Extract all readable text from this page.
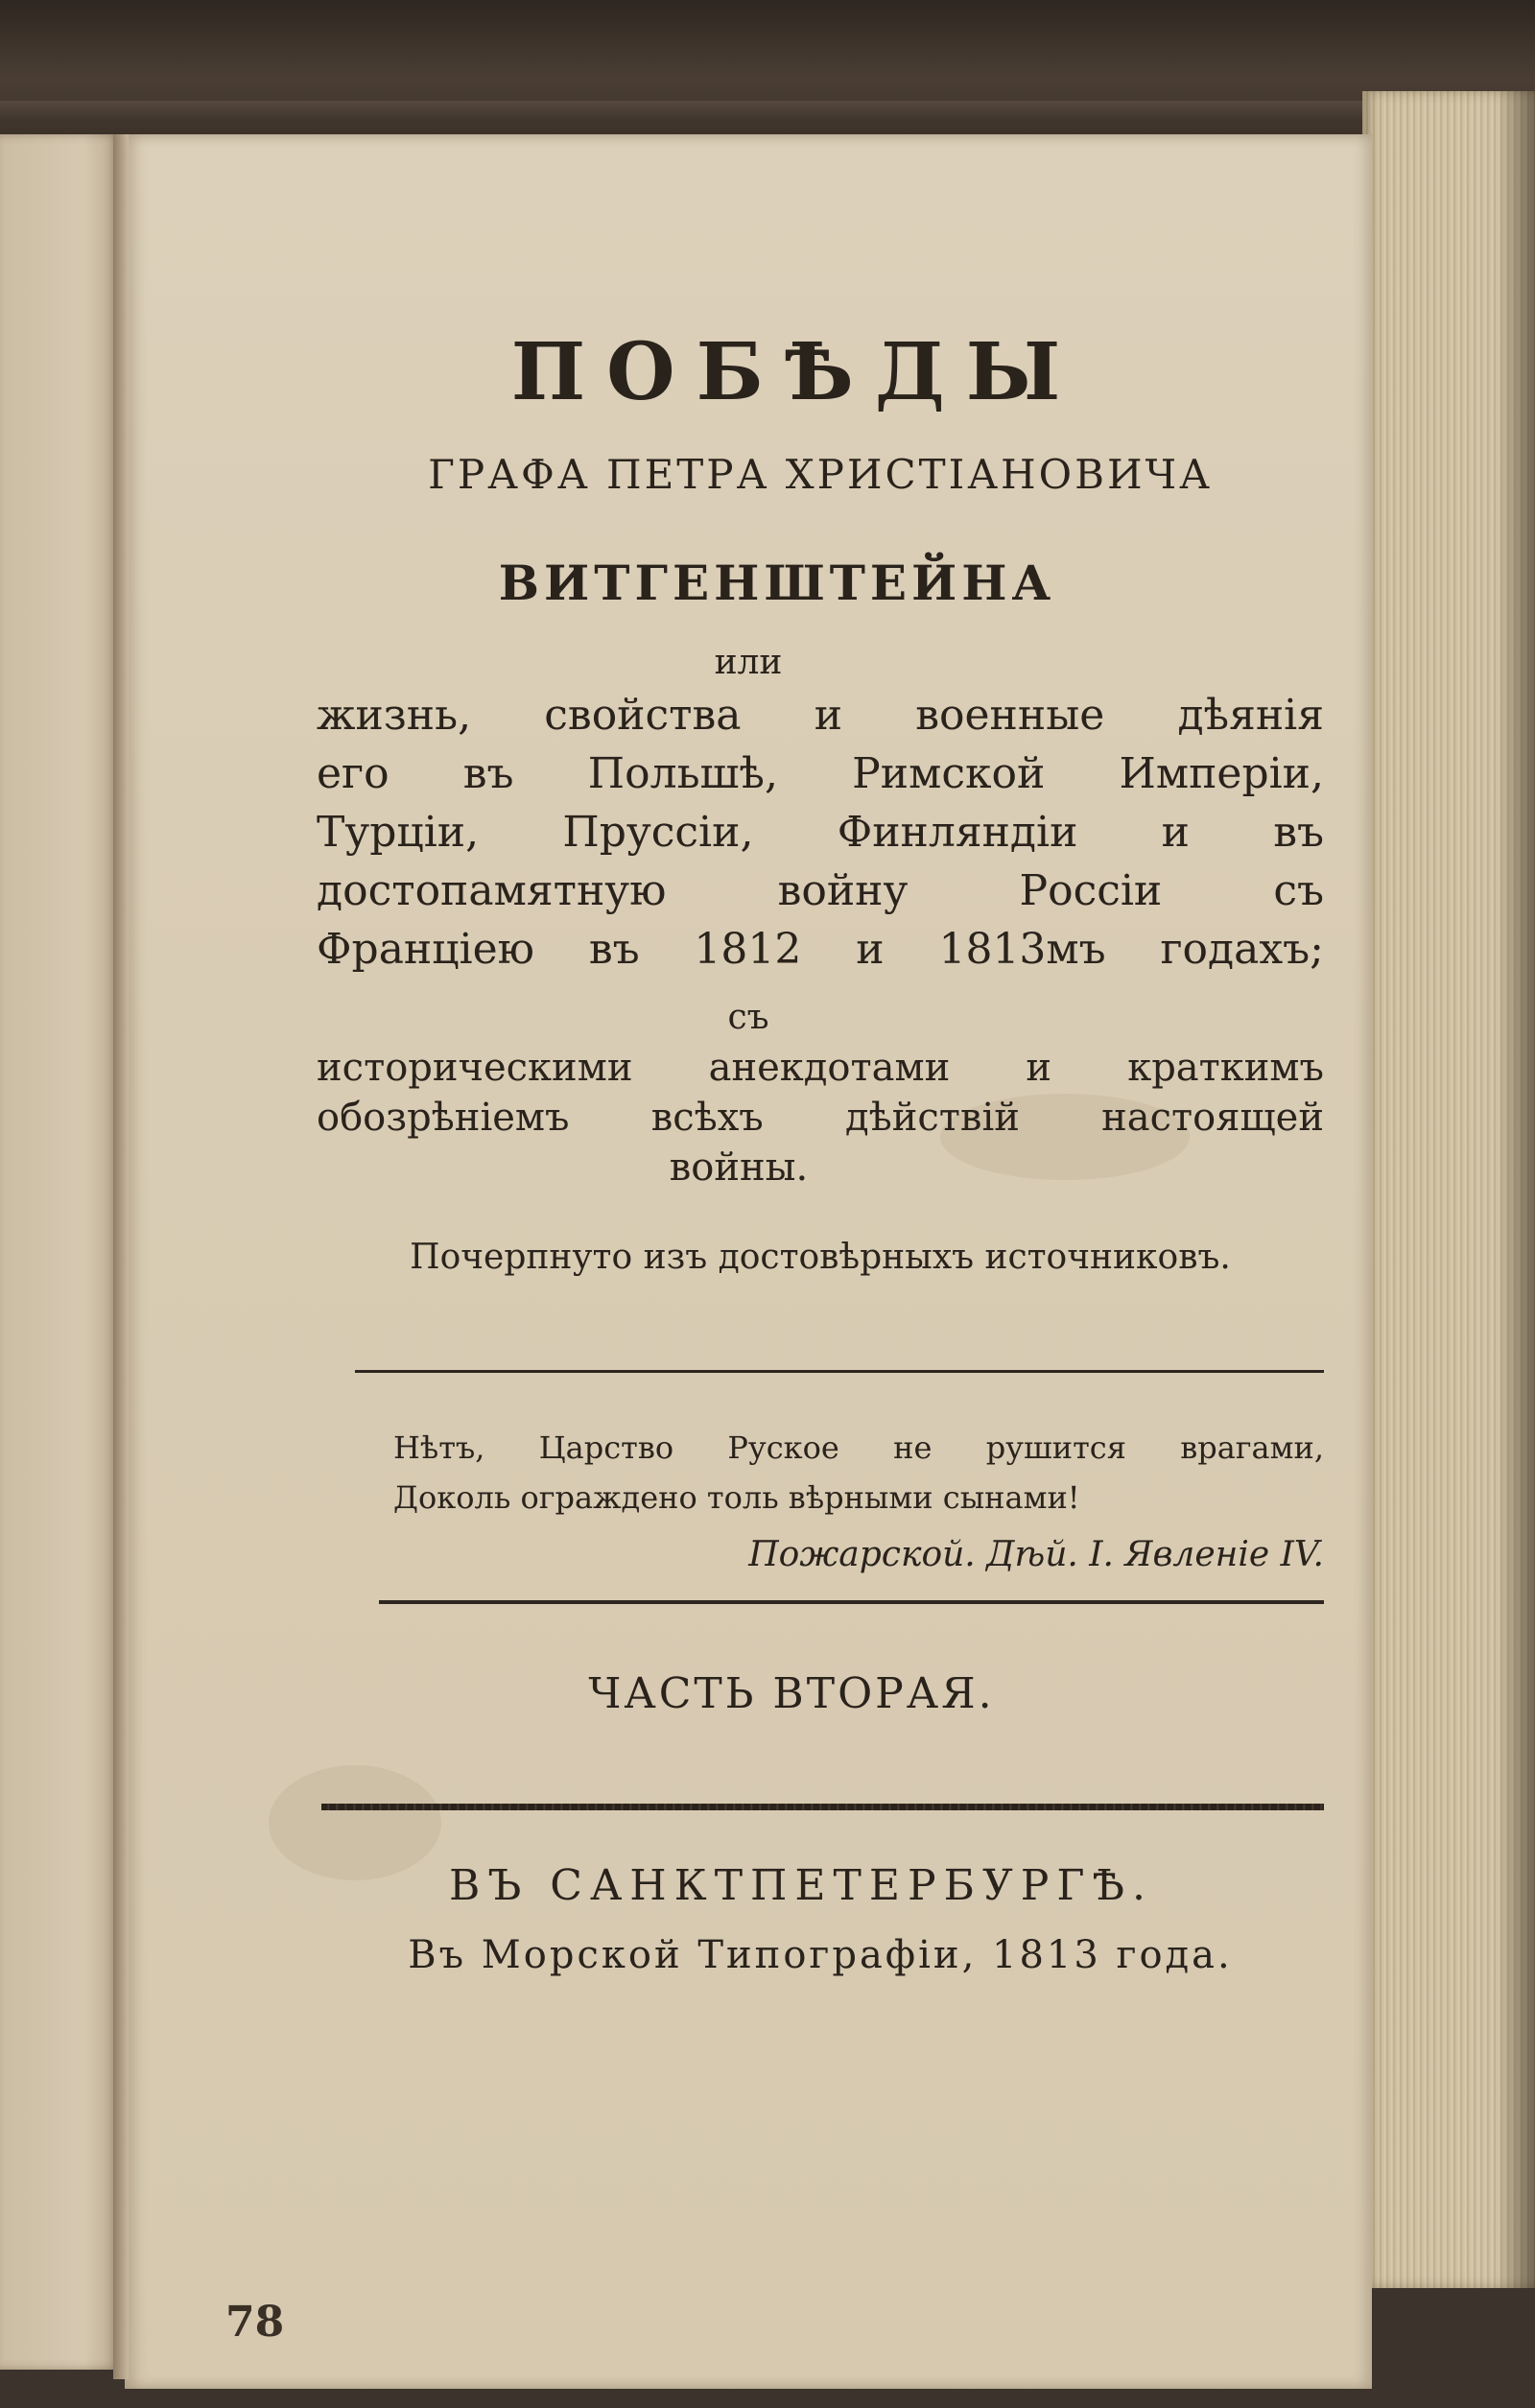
ПОБѢДЫ
ГРАФА ПЕТРА ХРИСТІАНОВИЧА
ВИТГЕНШТЕЙНА
или
жизнь, свойства и военные дѣянія
его въ Польшѣ, Римской Имперіи,
Турціи, Пруссіи, Финляндіи и въ
достопамятную войну Россіи съ
Франціею въ 1812 и 1813мъ годахъ;
съ
историческими анекдотами и краткимъ
обозрѣніемъ всѣхъ дѣйствій настоящей
войны.
Почерпнуто изъ достовѣрныхъ источниковъ.
Нѣтъ, Царство Руское не рушится врагами,
Доколь ограждено толь вѣрными сынами!
Пожарской. Дѣй. I. Явленіе IV.
ЧАСТЬ ВТОРАЯ.
ВЪ САНКТПЕТЕРБУРГѢ.
Въ Морской Типографіи, 1813 года.
78
